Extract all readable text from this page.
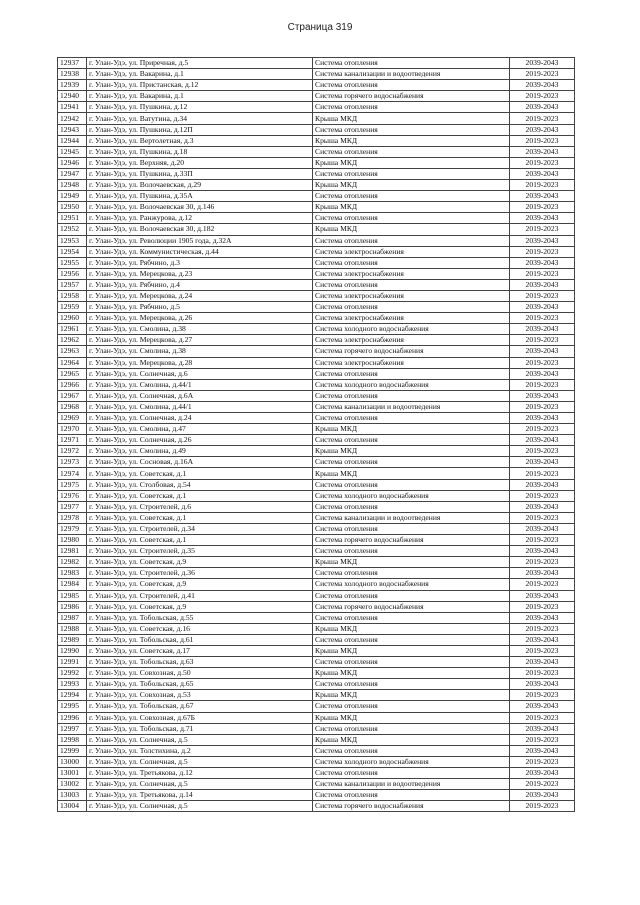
Страница 319
12937	г. Улан-Удэ, ул. Приречная, д.5	Система отопления	2039-2043
12938	г. Улан-Удэ, ул. Вакарина, д.1	Система канализации и водоотведения	2019-2023
12939	г. Улан-Удэ, ул. Пристанская, д.12	Система отопления	2039-2043
12940	г. Улан-Удэ, ул. Вакарина, д.1	Система горячего водоснабжения	2019-2023
12941	г. Улан-Удэ, ул. Пушкина, д.12	Система отопления	2039-2043
12942	г. Улан-Удэ, ул. Ватутина, д.34	Крыша МКД	2019-2023
12943	г. Улан-Удэ, ул. Пушкина, д.12П	Система отопления	2039-2043
12944	г. Улан-Удэ, ул. Вертолетная, д.3	Крыша МКД	2019-2023
12945	г. Улан-Удэ, ул. Пушкина, д.18	Система отопления	2039-2043
12946	г. Улан-Удэ, ул. Верхняя, д.20	Крыша МКД	2019-2023
12947	г. Улан-Удэ, ул. Пушкина, д.33П	Система отопления	2039-2043
12948	г. Улан-Удэ, ул. Волочаевская, д.29	Крыша МКД	2019-2023
12949	г. Улан-Удэ, ул. Пушкина, д.35А	Система отопления	2039-2043
12950	г. Улан-Удэ, ул. Волочаевская 30, д.146	Крыша МКД	2019-2023
12951	г. Улан-Удэ, ул. Ранжурова, д.12	Система отопления	2039-2043
12952	г. Улан-Удэ, ул. Волочаевская 30, д.182	Крыша МКД	2019-2023
12953	г. Улан-Удэ, ул. Революции 1905 года, д.32А	Система отопления	2039-2043
12954	г. Улан-Удэ, ул. Коммунистическая, д.44	Система электроснабжения	2019-2023
12955	г. Улан-Удэ, ул. Рябчино, д.3	Система отопления	2039-2043
12956	г. Улан-Удэ, ул. Мерецкова, д.23	Система электроснабжения	2019-2023
12957	г. Улан-Удэ, ул. Рябчино, д.4	Система отопления	2039-2043
12958	г. Улан-Удэ, ул. Мерецкова, д.24	Система электроснабжения	2019-2023
12959	г. Улан-Удэ, ул. Рябчино, д.5	Система отопления	2039-2043
12960	г. Улан-Удэ, ул. Мерецкова, д.26	Система электроснабжения	2019-2023
12961	г. Улан-Удэ, ул. Смолина, д.38	Система холодного водоснабжения	2039-2043
12962	г. Улан-Удэ, ул. Мерецкова, д.27	Система электроснабжения	2019-2023
12963	г. Улан-Удэ, ул. Смолина, д.38	Система горячего водоснабжения	2039-2043
12964	г. Улан-Удэ, ул. Мерецкова, д.28	Система электроснабжения	2019-2023
12965	г. Улан-Удэ, ул. Солнечная, д.6	Система отопления	2039-2043
12966	г. Улан-Удэ, ул. Смолина, д.44/1	Система холодного водоснабжения	2019-2023
12967	г. Улан-Удэ, ул. Солнечная, д.6А	Система отопления	2039-2043
12968	г. Улан-Удэ, ул. Смолина, д.44/1	Система канализации и водоотведения	2019-2023
12969	г. Улан-Удэ, ул. Солнечная, д.24	Система отопления	2039-2043
12970	г. Улан-Удэ, ул. Смолина, д.47	Крыша МКД	2019-2023
12971	г. Улан-Удэ, ул. Солнечная, д.26	Система отопления	2039-2043
12972	г. Улан-Удэ, ул. Смолина, д.49	Крыша МКД	2019-2023
12973	г. Улан-Удэ, ул. Сосновая, д.16А	Система отопления	2039-2043
12974	г. Улан-Удэ, ул. Советская, д.1	Крыша МКД	2019-2023
12975	г. Улан-Удэ, ул. Столбовая, д.54	Система отопления	2039-2043
12976	г. Улан-Удэ, ул. Советская, д.1	Система холодного водоснабжения	2019-2023
12977	г. Улан-Удэ, ул. Строителей, д.6	Система отопления	2039-2043
12978	г. Улан-Удэ, ул. Советская, д.1	Система канализации и водоотведения	2019-2023
12979	г. Улан-Удэ, ул. Строителей, д.34	Система отопления	2039-2043
12980	г. Улан-Удэ, ул. Советская, д.1	Система горячего водоснабжения	2019-2023
12981	г. Улан-Удэ, ул. Строителей, д.35	Система отопления	2039-2043
12982	г. Улан-Удэ, ул. Советская, д.9	Крыша МКД	2019-2023
12983	г. Улан-Удэ, ул. Строителей, д.36	Система отопления	2039-2043
12984	г. Улан-Удэ, ул. Советская, д.9	Система холодного водоснабжения	2019-2023
12985	г. Улан-Удэ, ул. Строителей, д.41	Система отопления	2039-2043
12986	г. Улан-Удэ, ул. Советская, д.9	Система горячего водоснабжения	2019-2023
12987	г. Улан-Удэ, ул. Тобольская, д.55	Система отопления	2039-2043
12988	г. Улан-Удэ, ул. Советская, д.16	Крыша МКД	2019-2023
12989	г. Улан-Удэ, ул. Тобольская, д.61	Система отопления	2039-2043
12990	г. Улан-Удэ, ул. Советская, д.17	Крыша МКД	2019-2023
12991	г. Улан-Удэ, ул. Тобольская, д.63	Система отопления	2039-2043
12992	г. Улан-Удэ, ул. Совхозная, д.50	Крыша МКД	2019-2023
12993	г. Улан-Удэ, ул. Тобольская, д.65	Система отопления	2039-2043
12994	г. Улан-Удэ, ул. Совхозная, д.53	Крыша МКД	2019-2023
12995	г. Улан-Удэ, ул. Тобольская, д.67	Система отопления	2039-2043
12996	г. Улан-Удэ, ул. Совхозная, д.67Б	Крыша МКД	2019-2023
12997	г. Улан-Удэ, ул. Тобольская, д.71	Система отопления	2039-2043
12998	г. Улан-Удэ, ул. Солнечная, д.5	Крыша МКД	2019-2023
12999	г. Улан-Удэ, ул. Толстихина, д.2	Система отопления	2039-2043
13000	г. Улан-Удэ, ул. Солнечная, д.5	Система холодного водоснабжения	2019-2023
13001	г. Улан-Удэ, ул. Третьякова, д.12	Система отопления	2039-2043
13002	г. Улан-Удэ, ул. Солнечная, д.5	Система канализации и водоотведения	2019-2023
13003	г. Улан-Удэ, ул. Третьякова, д.14	Система отопления	2039-2043
13004	г. Улан-Удэ, ул. Солнечная, д.5	Система горячего водоснабжения	2019-2023
